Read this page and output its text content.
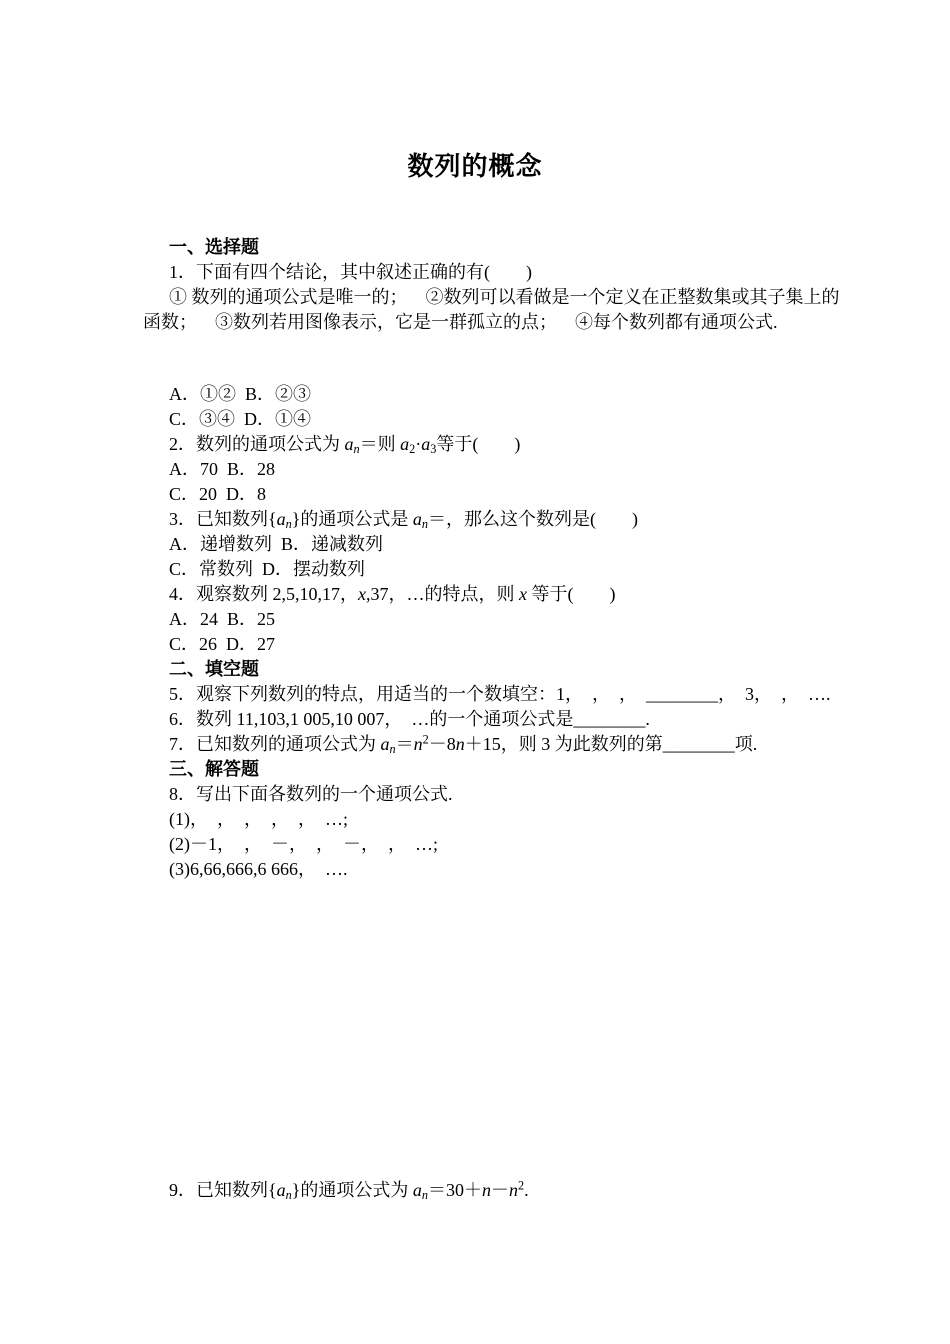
数列的概念

一、选择题

1．下面有四个结论，其中叙述正确的有(　　)

① 数列的通项公式是唯一的；  ②数列可以看做是一个定义在正整数集或其子集上的

函数；  ③数列若用图像表示，它是一群孤立的点；  ④每个数列都有通项公式.

A．①② B．②③

C．③④ D．①④

2．数列的通项公式为 $a_n=$则 $a_2\cdot a_3$等于(　　)

A．70 B．28

C．20 D．8

3．已知数列$\{a_n\}$的通项公式是 $a_n=$，那么这个数列是(　　)

A．递增数列 B．递减数列

C．常数列 D．摆动数列

4．观察数列 2,5,10,17，x,37，…的特点，则 x 等于(　　)

A．24 B．25

C．26 D．27

二、填空题

5．观察下列数列的特点，用适当的一个数填空：1， ， ， ________， 3， ， ….

6．数列 11,103,1 005,10 007， …的一个通项公式是________.

7．已知数列的通项公式为 $a_n=n^2-8n+15$，则 3 为此数列的第________项.

三、解答题

8．写出下面各数列的一个通项公式.

(1)， ， ， ， ， …;

(2)－1， ， －， ， －， ， …;

(3)6,66,666,6 666， ….

9．已知数列$\{a_n\}$的通项公式为 $a_n=30+n-n^2$.
